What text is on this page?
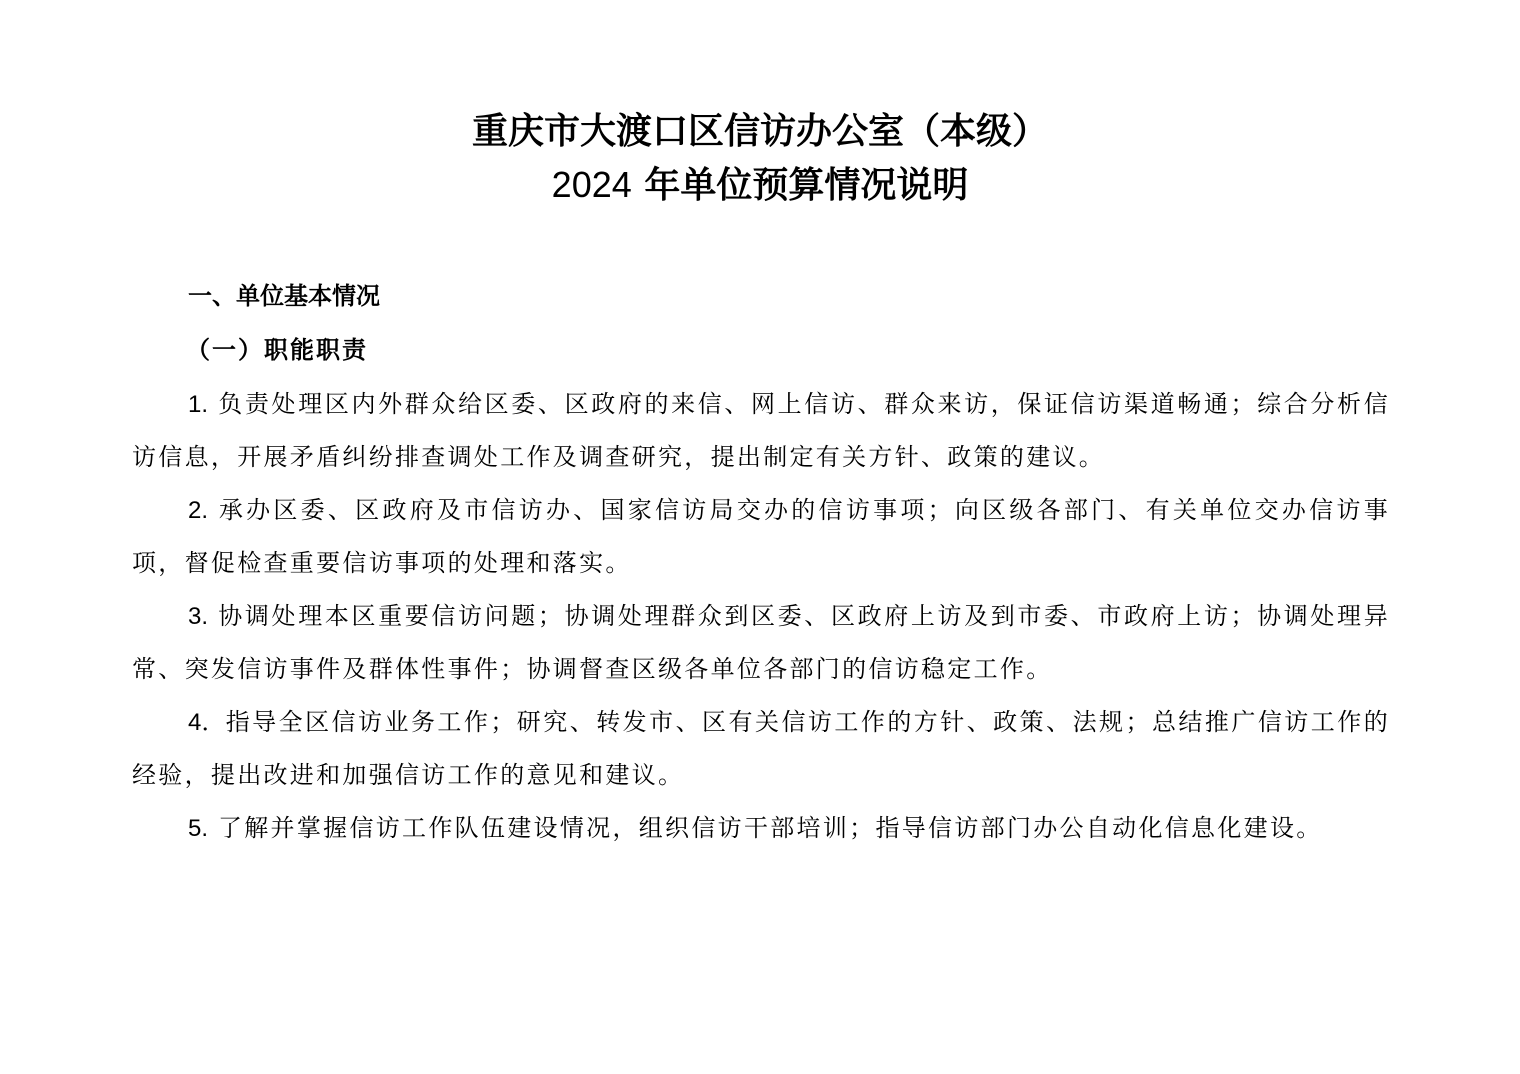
重庆市大渡口区信访办公室（本级）
2024 年单位预算情况说明
一、单位基本情况
（一）职能职责

1. 负责处理区内外群众给区委、区政府的来信、网上信访、群众来访，保证信访渠道畅通；综合分析信访信息，开展矛盾纠纷排查调处工作及调查研究，提出制定有关方针、政策的建议。

2. 承办区委、区政府及市信访办、国家信访局交办的信访事项；向区级各部门、有关单位交办信访事项，督促检查重要信访事项的处理和落实。

3. 协调处理本区重要信访问题；协调处理群众到区委、区政府上访及到市委、市政府上访；协调处理异常、突发信访事件及群体性事件；协调督查区级各单位各部门的信访稳定工作。

4．指导全区信访业务工作；研究、转发市、区有关信访工作的方针、政策、法规；总结推广信访工作的经验，提出改进和加强信访工作的意见和建议。

5. 了解并掌握信访工作队伍建设情况，组织信访干部培训；指导信访部门办公自动化信息化建设。
